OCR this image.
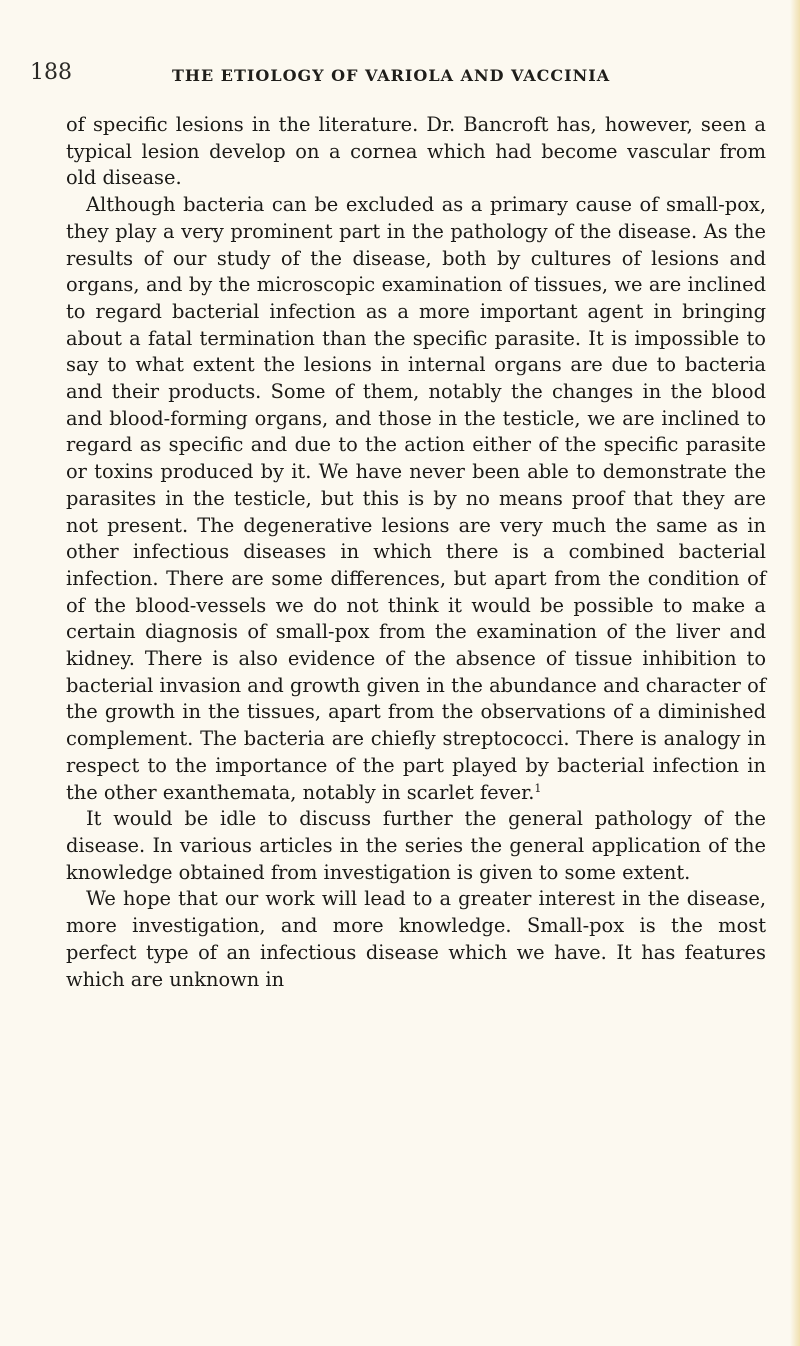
188	THE ETIOLOGY OF VARIOLA AND VACCINIA

of specific lesions in the literature. Dr. Bancroft has, however, seen a typical lesion develop on a cornea which had become vascular from old disease.

Although bacteria can be excluded as a primary cause of small-pox, they play a very prominent part in the pathology of the disease. As the results of our study of the disease, both by cultures of lesions and organs, and by the microscopic examination of tissues, we are inclined to regard bacterial infection as a more important agent in bringing about a fatal termination than the specific parasite. It is impossible to say to what extent the lesions in internal organs are due to bacteria and their products. Some of them, notably the changes in the blood and blood-forming organs, and those in the testicle, we are inclined to regard as specific and due to the action either of the specific parasite or toxins produced by it. We have never been able to demonstrate the parasites in the testicle, but this is by no means proof that they are not present. The degenerative lesions are very much the same as in other infectious diseases in which there is a combined bacterial infection. There are some differences, but apart from the condition of of the blood-vessels we do not think it would be possible to make a certain diagnosis of small-pox from the examination of the liver and kidney. There is also evidence of the absence of tissue inhibition to bacterial invasion and growth given in the abundance and character of the growth in the tissues, apart from the observations of a diminished complement. The bacteria are chiefly streptococci. There is analogy in respect to the importance of the part played by bacterial infection in the other exanthemata, notably in scarlet fever.$^1$

It would be idle to discuss further the general pathology of the disease. In various articles in the series the general application of the knowledge obtained from investigation is given to some extent.

We hope that our work will lead to a greater interest in the disease, more investigation, and more knowledge. Small-pox is the most perfect type of an infectious disease which we have. It has features which are unknown in
